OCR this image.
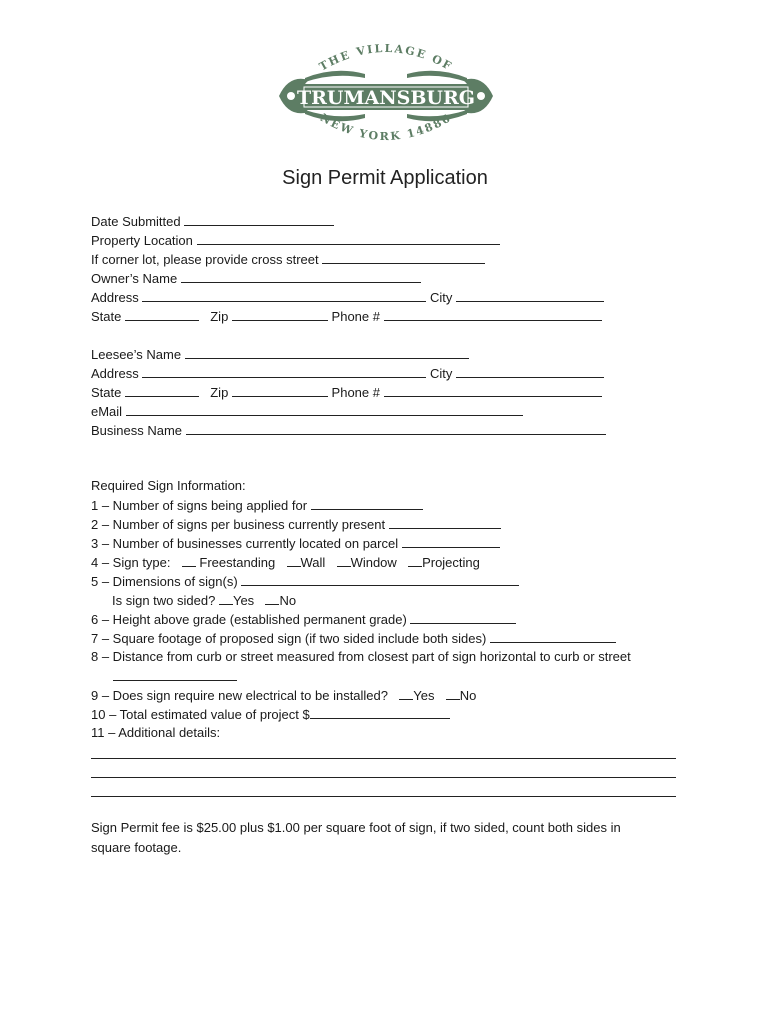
TRUMANSBURG
THE VILLAGE OF
NEW YORK 14886
Sign Permit Application
Date Submitted
Property Location
If corner lot, please provide cross street
Owner’s Name
Address	City
State	Zip	Phone #
Leesee’s Name
Address	City
State	Zip	Phone #
eMail
Business Name
Required Sign Information:
1 – Number of signs being applied for
2 – Number of signs per business currently present
3 – Number of businesses currently located on parcel
4 – Sign type: Freestanding Wall Window Projecting
5 – Dimensions of sign(s)
Is sign two sided? Yes No
6 – Height above grade (established permanent grade)
7 – Square footage of proposed sign (if two sided include both sides)
8 – Distance from curb or street measured from closest part of sign horizontal to curb or street
9 – Does sign require new electrical to be installed? Yes No
10 – Total estimated value of project $
11 – Additional details:
Sign Permit fee is $25.00 plus $1.00 per square foot of sign, if two sided, count both sides in
square footage.
